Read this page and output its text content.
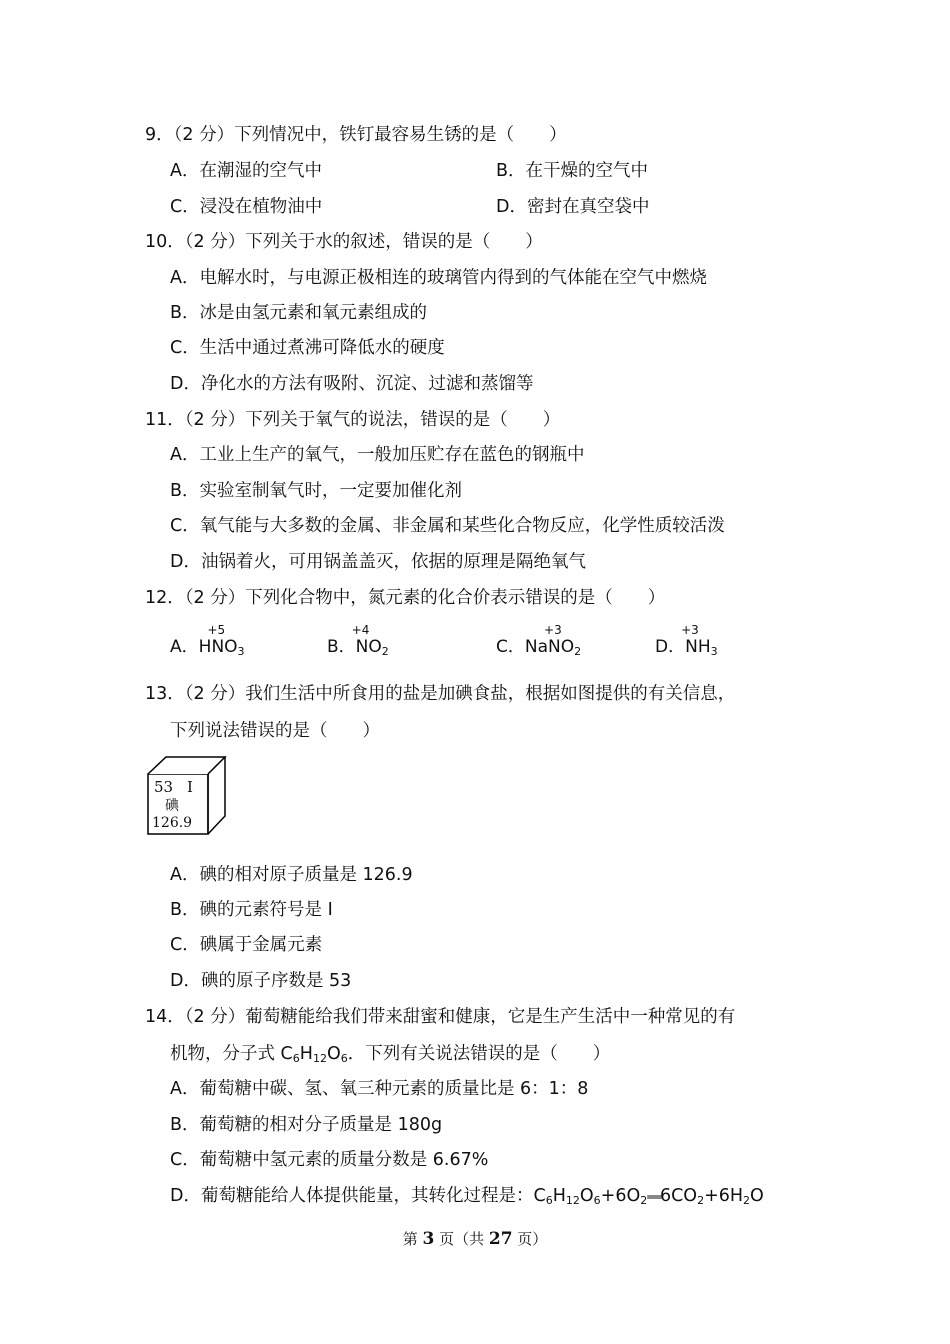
9．（2 分）下列情况中，铁钉最容易生锈的是（　　）
A．在潮湿的空气中	B．在干燥的空气中
C．浸没在植物油中	D．密封在真空袋中
10．（2 分）下列关于水的叙述，错误的是（　　）
A．电解水时，与电源正极相连的玻璃管内得到的气体能在空气中燃烧
B．冰是由氢元素和氧元素组成的
C．生活中通过煮沸可降低水的硬度
D．净化水的方法有吸附、沉淀、过滤和蒸馏等
11．（2 分）下列关于氧气的说法，错误的是（　　）
A．工业上生产的氧气，一般加压贮存在蓝色的钢瓶中
B．实验室制氧气时，一定要加催化剂
C．氧气能与大多数的金属、非金属和某些化合物反应，化学性质较活泼
D．油锅着火，可用锅盖盖灭，依据的原理是隔绝氧气
12．（2 分）下列化合物中，氮元素的化合价表示错误的是（　　）
A．H
+5
$NO_3$	B．
+4
$NO_2$	C．Na
+3
$NO_2$	D．
+3
$NH_3$
13．（2 分）我们生活中所食用的盐是加碘食盐，根据如图提供的有关信息，
下列说法错误的是（　　）
53 I
碘
126.9
A．碘的相对原子质量是 126.9
B．碘的元素符号是 I
C．碘属于金属元素
D．碘的原子序数是 53
14．（2 分）葡萄糖能给我们带来甜蜜和健康，它是生产生活中一种常见的有
机物，分子式 $C_6H_{12}O_6$．下列有关说法错误的是（　　）
A．葡萄糖中碳、氢、氧三种元素的质量比是 6：1：8
B．葡萄糖的相对分子质量是 180g
C．葡萄糖中氢元素的质量分数是 6.67%
D．葡萄糖能给人体提供能量，其转化过程是：$C_6H_{12}O_6+6O_2═══6CO_2+6H_2O$
第 3 页（共 27 页）
